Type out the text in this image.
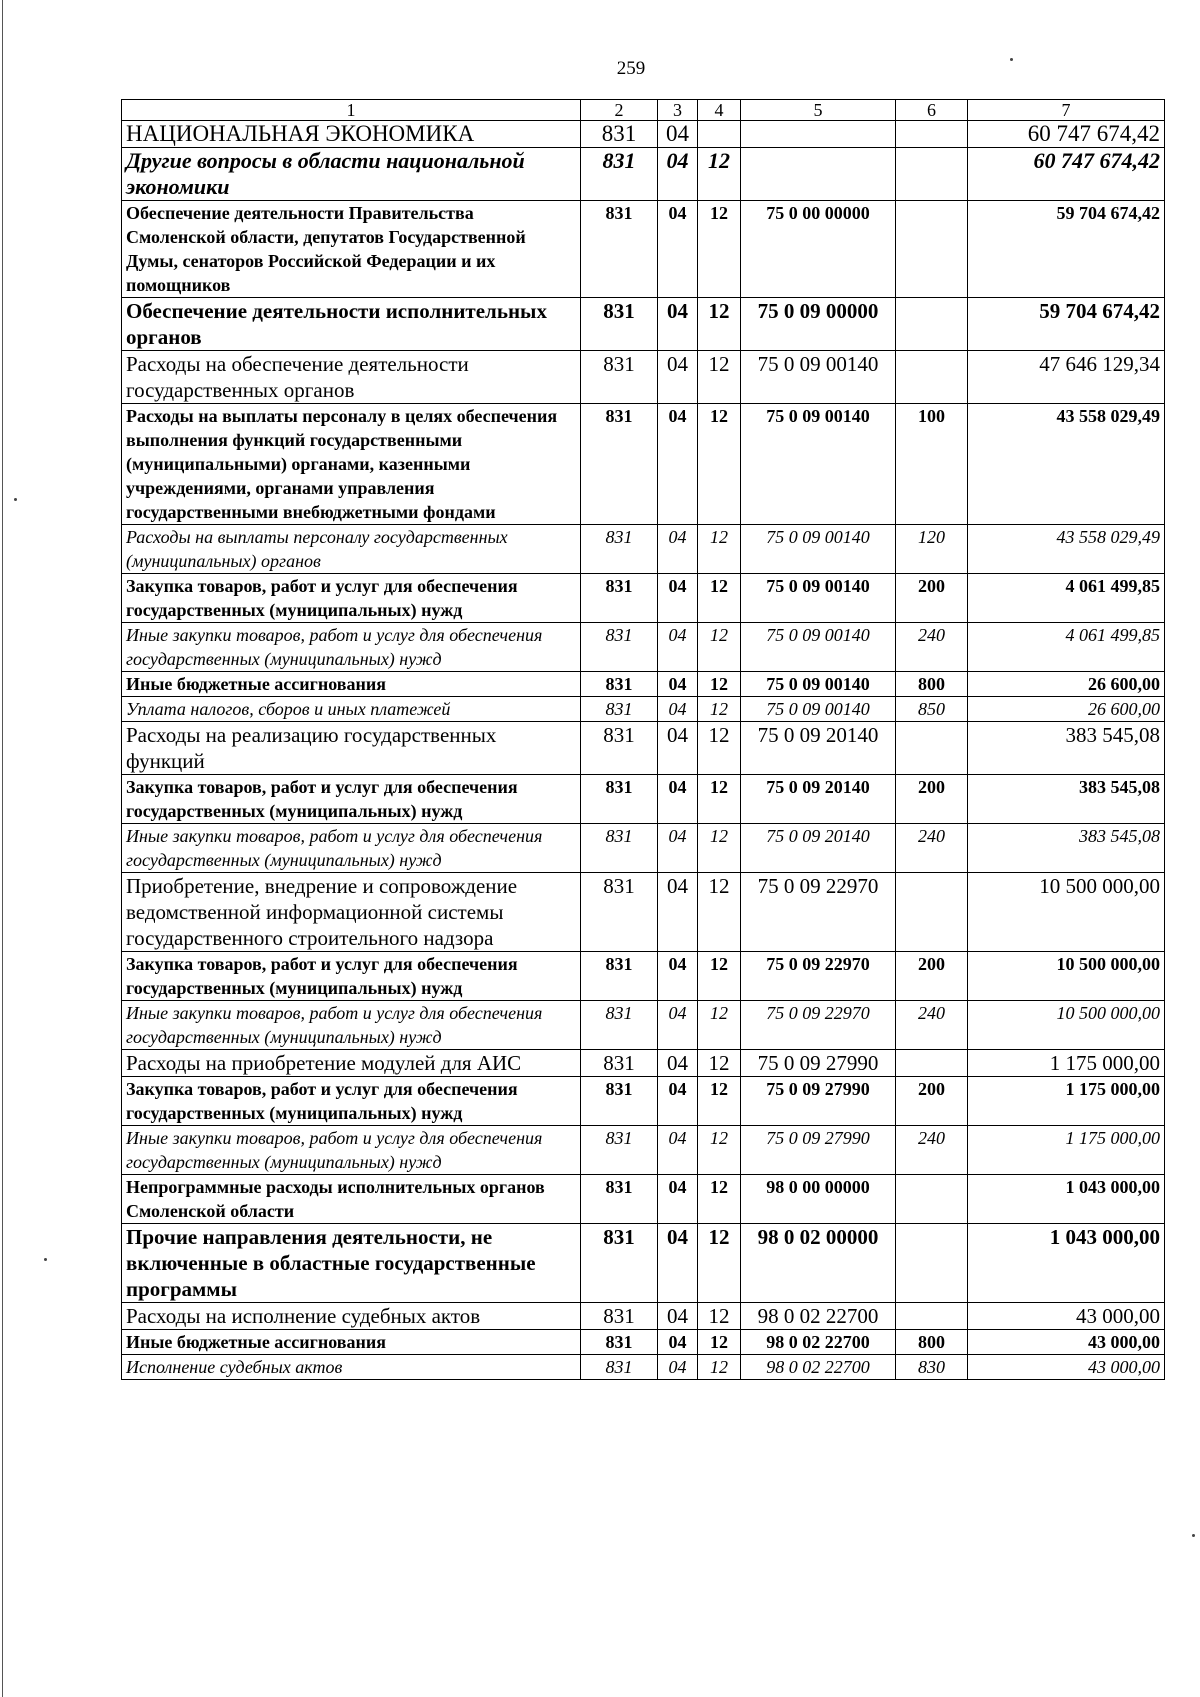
259
1	2	3	4	5	6	7
НАЦИОНАЛЬНАЯ ЭКОНОМИКА	831	04				60 747 674,42
Другие вопросы в области национальной экономики	831	04	12			60 747 674,42
Обеспечение деятельности Правительства Смоленской области, депутатов Государственной Думы, сенаторов Российской Федерации и их помощников	831	04	12	75 0 00 00000		59 704 674,42
Обеспечение деятельности исполнительных органов	831	04	12	75 0 09 00000		59 704 674,42
Расходы на обеспечение деятельности государственных органов	831	04	12	75 0 09 00140		47 646 129,34
Расходы на выплаты персоналу в целях обеспечения выполнения функций государственными (муниципальными) органами, казенными учреждениями, органами управления государственными внебюджетными фондами	831	04	12	75 0 09 00140	100	43 558 029,49
Расходы на выплаты персоналу государственных (муниципальных) органов	831	04	12	75 0 09 00140	120	43 558 029,49
Закупка товаров, работ и услуг для обеспечения государственных (муниципальных) нужд	831	04	12	75 0 09 00140	200	4 061 499,85
Иные закупки товаров, работ и услуг для обеспечения государственных (муниципальных) нужд	831	04	12	75 0 09 00140	240	4 061 499,85
Иные бюджетные ассигнования	831	04	12	75 0 09 00140	800	26 600,00
Уплата налогов, сборов и иных платежей	831	04	12	75 0 09 00140	850	26 600,00
Расходы на реализацию государственных функций	831	04	12	75 0 09 20140		383 545,08
Закупка товаров, работ и услуг для обеспечения государственных (муниципальных) нужд	831	04	12	75 0 09 20140	200	383 545,08
Иные закупки товаров, работ и услуг для обеспечения государственных (муниципальных) нужд	831	04	12	75 0 09 20140	240	383 545,08
Приобретение, внедрение и сопровождение ведомственной информационной системы государственного строительного надзора	831	04	12	75 0 09 22970		10 500 000,00
Закупка товаров, работ и услуг для обеспечения государственных (муниципальных) нужд	831	04	12	75 0 09 22970	200	10 500 000,00
Иные закупки товаров, работ и услуг для обеспечения государственных (муниципальных) нужд	831	04	12	75 0 09 22970	240	10 500 000,00
Расходы на приобретение модулей для АИС	831	04	12	75 0 09 27990		1 175 000,00
Закупка товаров, работ и услуг для обеспечения государственных (муниципальных) нужд	831	04	12	75 0 09 27990	200	1 175 000,00
Иные закупки товаров, работ и услуг для обеспечения государственных (муниципальных) нужд	831	04	12	75 0 09 27990	240	1 175 000,00
Непрограммные расходы исполнительных органов Смоленской области	831	04	12	98 0 00 00000		1 043 000,00
Прочие направления деятельности, не включенные в областные государственные программы	831	04	12	98 0 02 00000		1 043 000,00
Расходы на исполнение судебных актов	831	04	12	98 0 02 22700		43 000,00
Иные бюджетные ассигнования	831	04	12	98 0 02 22700	800	43 000,00
Исполнение судебных актов	831	04	12	98 0 02 22700	830	43 000,00
